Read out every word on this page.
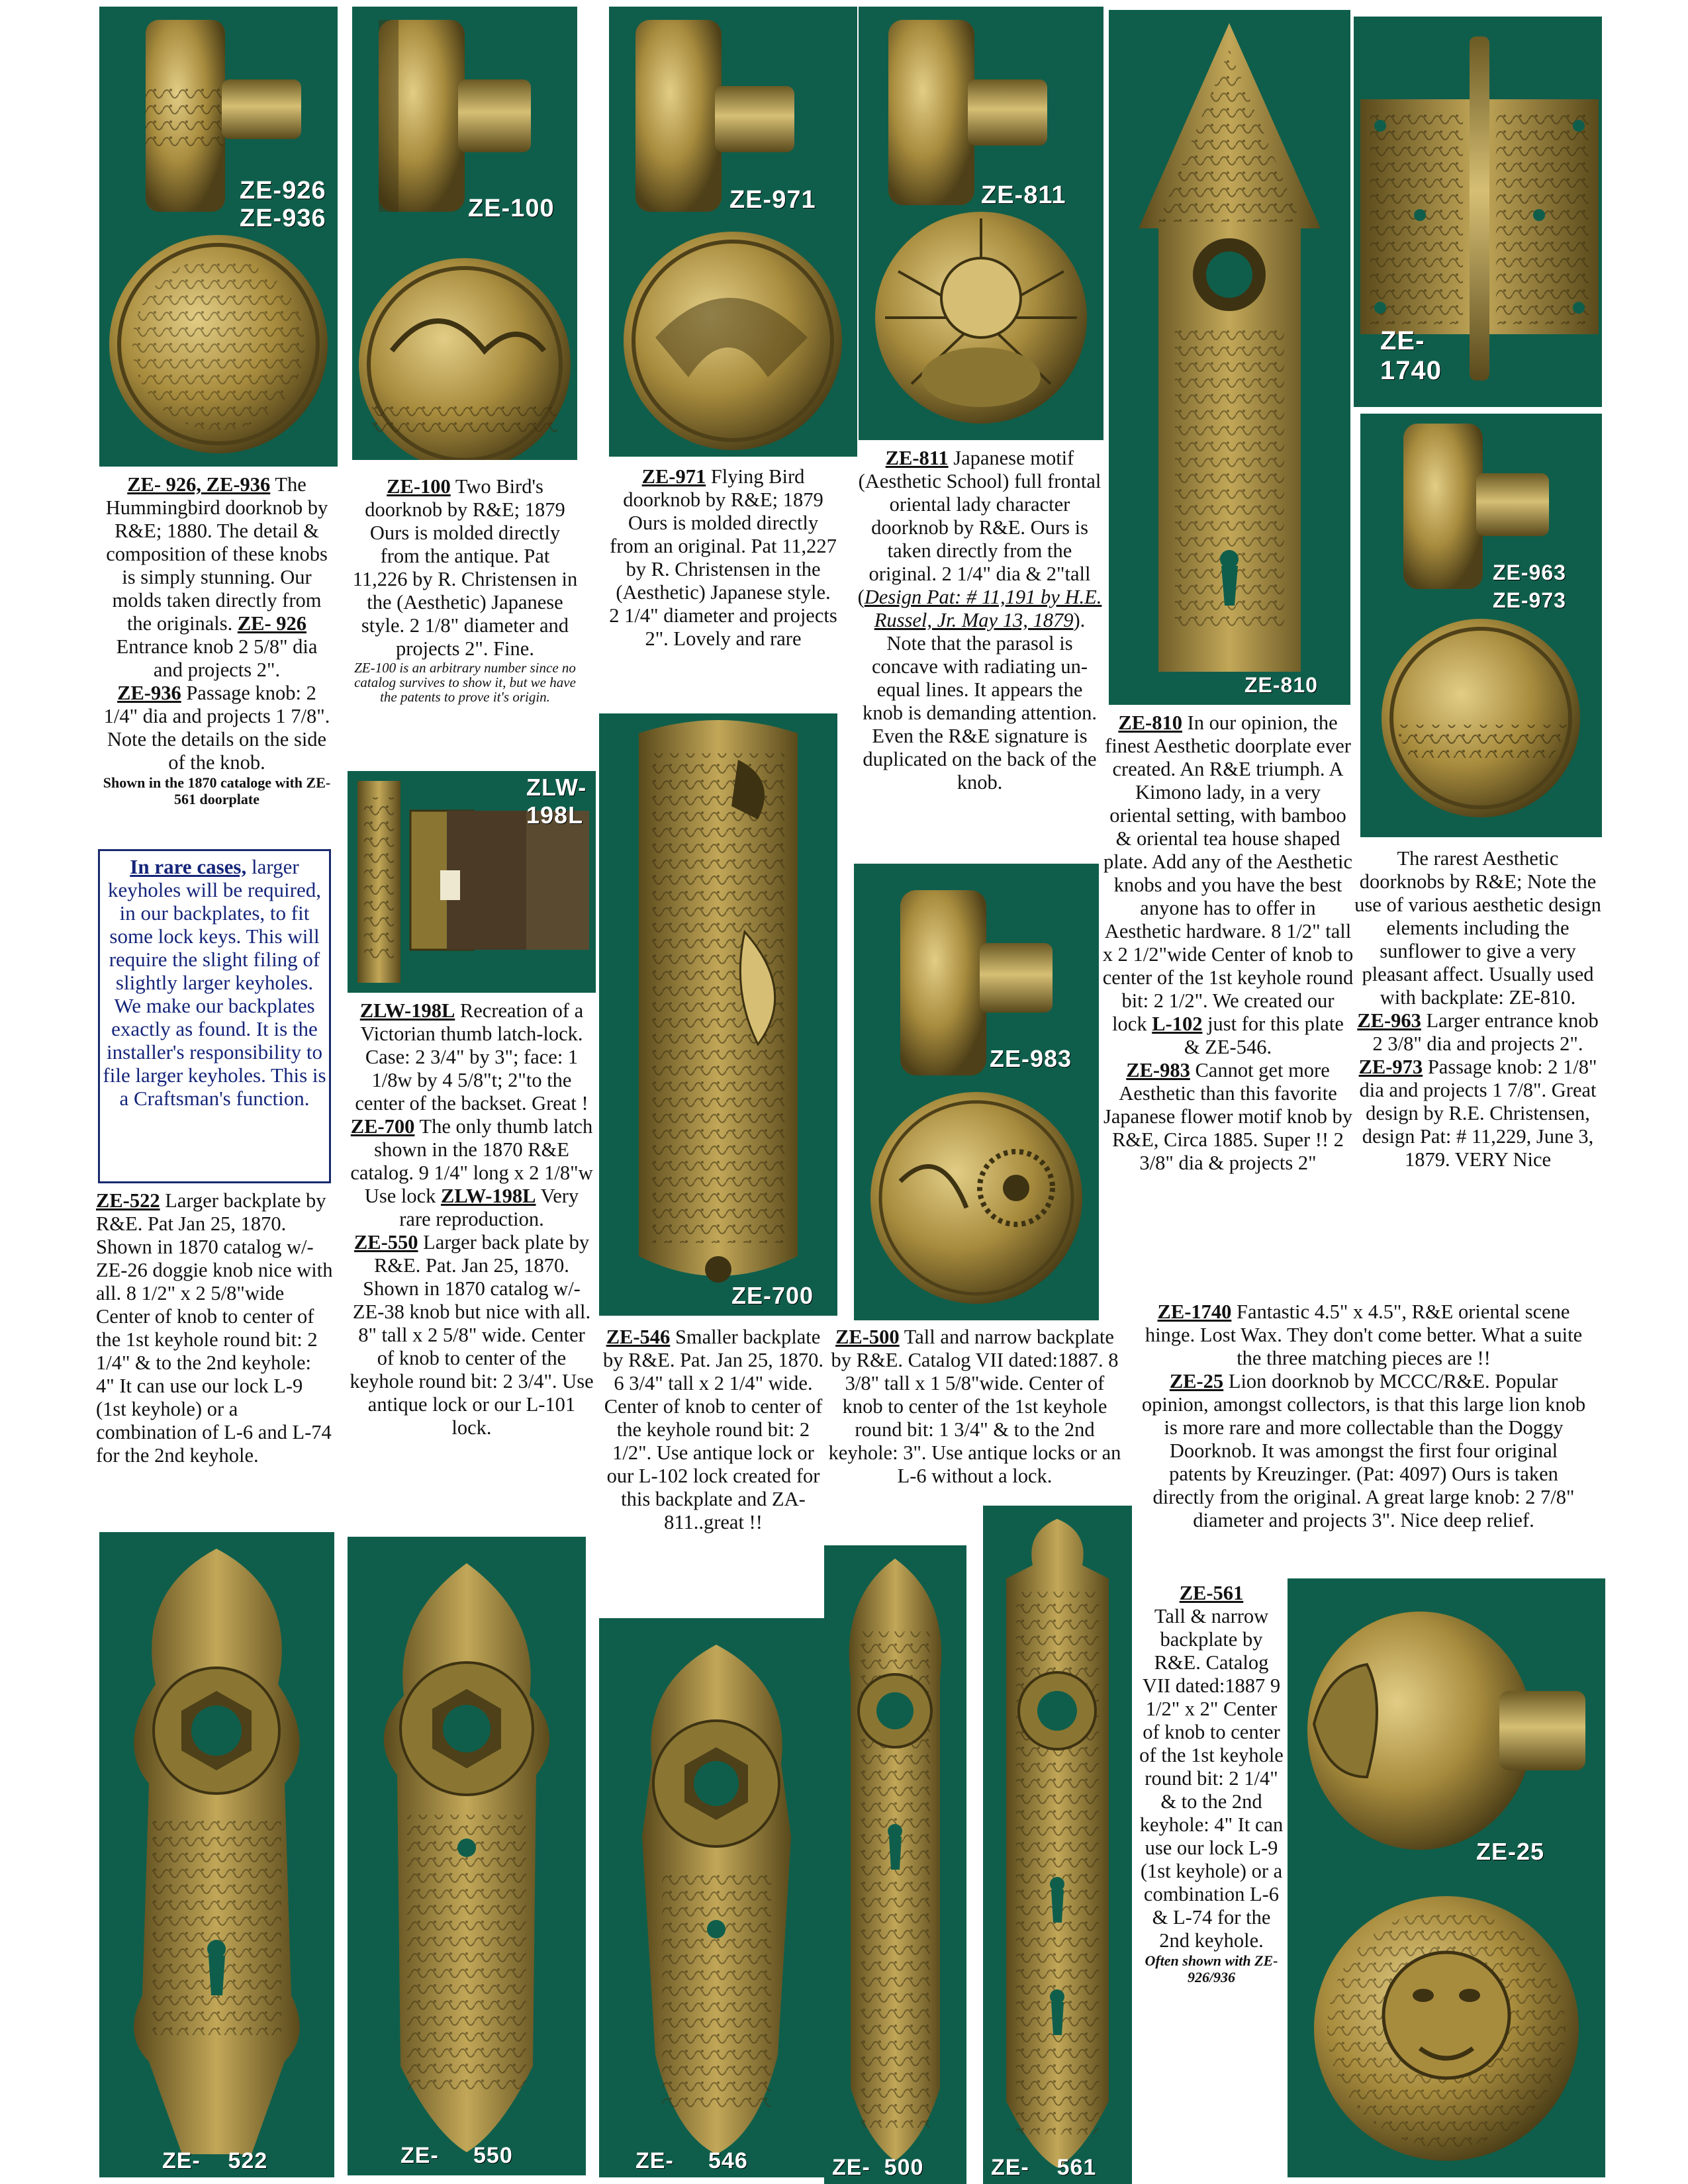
ZE-926
ZE-936	ZE-100	ZE-971	ZE-811
ZE-810
ZE-
1740
ZE-963
ZE-973
ZLW-
198L
ZE-700
ZE-983
ZE-    522	ZE-     550	ZE-     546	ZE-  500	ZE-    561
ZE-25

ZE- 926, ZE-936 The Hummingbird doorknob by R&E; 1880. The detail & composition of these knobs is simply stunning. Our molds taken directly from the originals. ZE- 926 Entrance knob 2 5/8" dia and projects 2".

ZE-936 Passage knob: 2 1/4" dia and projects 1 7/8". Note the details on the side of the knob.

Shown in the 1870 cataloge with ZE-561 doorplate

In rare cases, larger keyholes will be required, in our backplates, to fit some lock keys. This will require the slight filing of slightly larger keyholes. We make our backplates exactly as found. It is the installer's responsibility to file larger keyholes. This is a Craftsman's function.

ZE-522 Larger backplate by R&E. Pat Jan 25, 1870. Shown in 1870 catalog w/-ZE-26 doggie knob nice with all. 8 1/2" x 2 5/8"wide Center of knob to center of the 1st keyhole round bit: 2 1/4" & to the 2nd keyhole: 4" It can use our lock L-9 (1st keyhole) or a combination of L-6 and L-74 for the 2nd keyhole.

ZE-100 Two Bird's doorknob by R&E; 1879 Ours is molded directly from the antique. Pat 11,226 by R. Christensen in the (Aesthetic) Japanese style. 2 1/8" diameter and projects 2". Fine.

ZE-100 is an arbitrary number since no catalog survives to show it, but we have the patents to prove it's origin.

ZLW-198L Recreation of a Victorian thumb latch-lock. Case: 2 3/4" by 3"; face: 1 1/8w by 4 5/8"t; 2"to the center of the backset. Great !

ZE-700 The only thumb latch shown in the 1870 R&E catalog. 9 1/4" long x 2 1/8"w Use lock ZLW-198L Very rare reproduction.

ZE-550 Larger back plate by R&E. Pat. Jan 25, 1870. Shown in 1870 catalog w/-ZE-38 knob but nice with all. 8" tall x 2 5/8" wide. Center of knob to center of the keyhole round bit: 2 3/4". Use antique lock or our L-101 lock.

ZE-971 Flying Bird doorknob by R&E; 1879 Ours is molded directly from an original. Pat 11,227 by R. Christensen in the (Aesthetic) Japanese style. 2 1/4" diameter and projects 2". Lovely and rare

ZE-546 Smaller backplate by R&E. Pat. Jan 25, 1870. 6 3/4" tall x 2 1/4" wide. Center of knob to center of the keyhole round bit: 2 1/2". Use antique lock or our L-102 lock created for this backplate and ZA-811..great !!

ZE-811 Japanese motif (Aesthetic School) full frontal oriental lady character doorknob by R&E. Ours is taken directly from the original. 2 1/4" dia & 2"tall (Design Pat: # 11,191 by H.E. Russel, Jr. May 13, 1879). Note that the parasol is concave with radiating un-equal lines. It appears the knob is demanding attention. Even the R&E signature is duplicated on the back of the knob.

ZE-500 Tall and narrow backplate by R&E. Catalog VII dated:1887. 8 3/8" tall x 1 5/8"wide. Center of knob to center of the 1st keyhole round bit: 1 3/4" & to the 2nd keyhole: 3". Use antique locks or an L-6 without a lock.

ZE-810 In our opinion, the finest Aesthetic doorplate ever created. An R&E triumph. A Kimono lady, in a very oriental setting, with bamboo & oriental tea house shaped plate. Add any of the Aesthetic knobs and you have the best anyone has to offer in Aesthetic hardware. 8 1/2" tall x 2 1/2"wide Center of knob to center of the 1st keyhole round bit: 2 1/2". We created our lock L-102 just for this plate & ZE-546.

ZE-983 Cannot get more Aesthetic than this favorite Japanese flower motif knob by R&E, Circa 1885. Super !! 2 3/8" dia & projects 2"

The rarest Aesthetic doorknobs by R&E; Note the use of various aesthetic design elements including the sunflower to give a very pleasant affect. Usually used with backplate: ZE-810.

ZE-963 Larger entrance knob 2 3/8" dia and projects 2".

ZE-973 Passage knob: 2 1/8" dia and projects 1 7/8". Great design by R.E. Christensen, design Pat: # 11,229, June 3, 1879. VERY Nice

ZE-1740 Fantastic 4.5" x 4.5", R&E oriental scene hinge. Lost Wax. They don't come better. What a suite the three matching pieces are !!

ZE-25 Lion doorknob by MCCC/R&E. Popular opinion, amongst collectors, is that this large lion knob is more rare and more collectable than the Doggy Doorknob. It was amongst the first four original patents by Kreuzinger. (Pat: 4097) Ours is taken directly from the original. A great large knob: 2 7/8" diameter and projects 3". Nice deep relief.

ZE-561

Tall & narrow backplate by R&E. Catalog VII dated:1887 9 1/2" x 2" Center of knob to center of the 1st keyhole round bit: 2 1/4" & to the 2nd keyhole: 4" It can use our lock L-9 (1st keyhole) or a combination L-6 & L-74 for the 2nd keyhole.

Often shown with ZE-926/936
